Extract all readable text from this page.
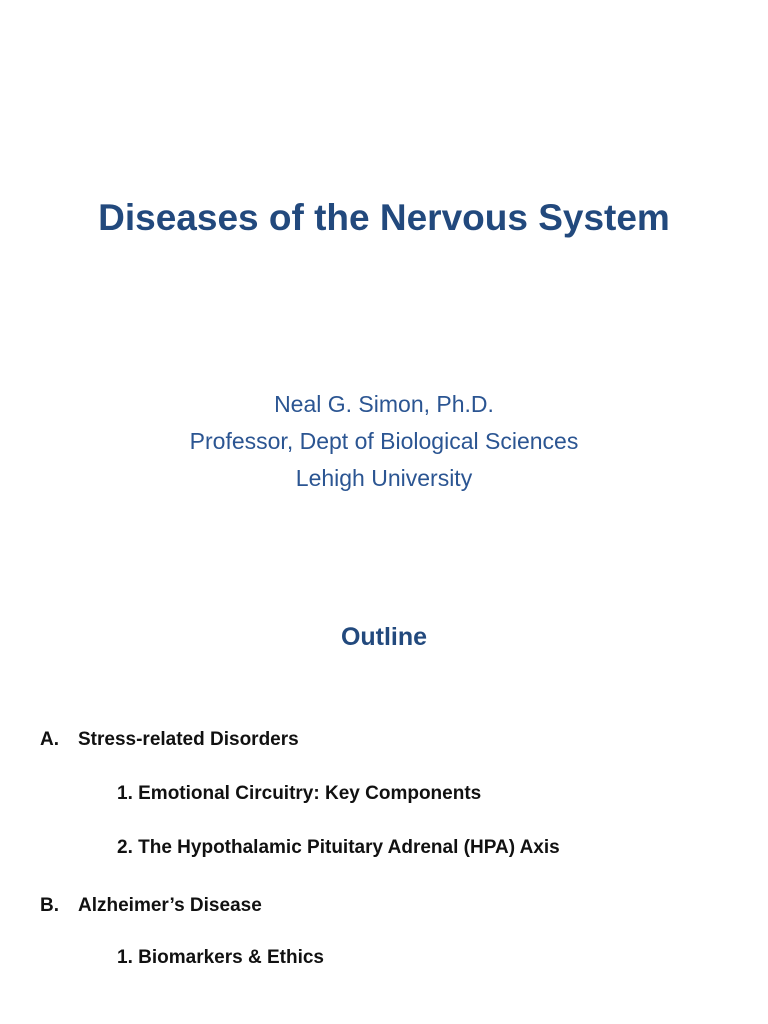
Diseases of the Nervous System
Neal G. Simon, Ph.D.
Professor, Dept of Biological Sciences
Lehigh University
Outline
A. Stress-related Disorders
1. Emotional Circuitry: Key Components
2. The Hypothalamic Pituitary Adrenal (HPA) Axis
B. Alzheimer’s Disease
1. Biomarkers & Ethics
